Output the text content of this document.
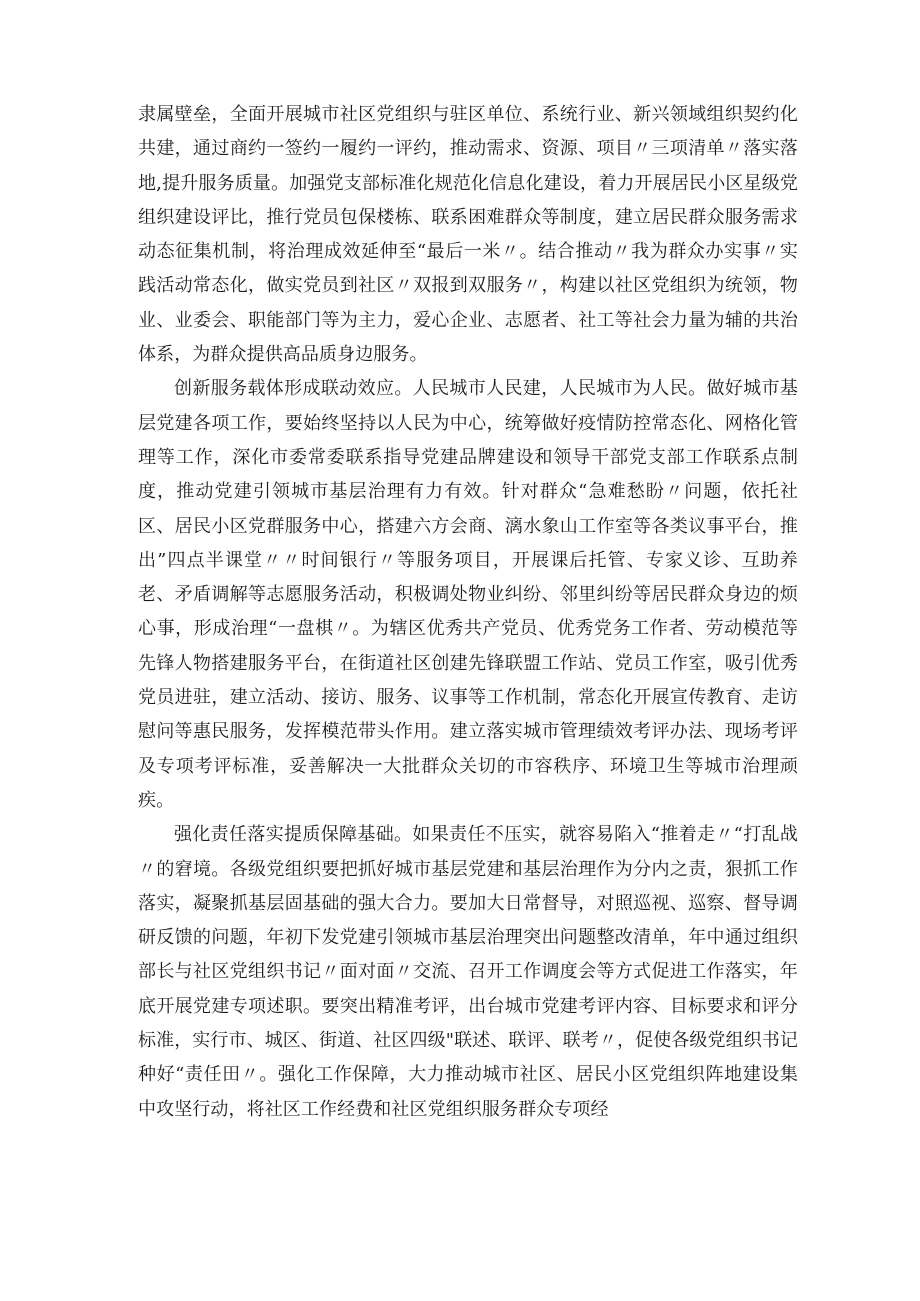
隶属壁垒，全面开展城市社区党组织与驻区单位、系统行业、新兴领域组织契约化共建，通过商约一签约一履约一评约，推动需求、资源、项目〃三项清单〃落实落地,提升服务质量。加强党支部标准化规范化信息化建设，着力开展居民小区星级党组织建设评比，推行党员包保楼栋、联系困难群众等制度，建立居民群众服务需求动态征集机制，将治理成效延伸至“最后一米〃。结合推动〃我为群众办实事〃实践活动常态化，做实党员到社区〃双报到双服务〃，构建以社区党组织为统领，物业、业委会、职能部门等为主力，爱心企业、志愿者、社工等社会力量为辅的共治体系，为群众提供高品质身边服务。

创新服务载体形成联动效应。人民城市人民建，人民城市为人民。做好城市基层党建各项工作，要始终坚持以人民为中心，统筹做好疫情防控常态化、网格化管理等工作，深化市委常委联系指导党建品牌建设和领导干部党支部工作联系点制度，推动党建引领城市基层治理有力有效。针对群众“急难愁盼〃问题，依托社区、居民小区党群服务中心，搭建六方会商、漓水象山工作室等各类议事平台，推出”四点半课堂〃〃时间银行〃等服务项目，开展课后托管、专家义诊、互助养老、矛盾调解等志愿服务活动，积极调处物业纠纷、邻里纠纷等居民群众身边的烦心事，形成治理“一盘棋〃。为辖区优秀共产党员、优秀党务工作者、劳动模范等先锋人物搭建服务平台，在街道社区创建先锋联盟工作站、党员工作室，吸引优秀党员进驻，建立活动、接访、服务、议事等工作机制，常态化开展宣传教育、走访慰问等惠民服务，发挥模范带头作用。建立落实城市管理绩效考评办法、现场考评及专项考评标准，妥善解决一大批群众关切的市容秩序、环境卫生等城市治理顽疾。

强化责任落实提质保障基础。如果责任不压实，就容易陷入“推着走〃“打乱战〃的窘境。各级党组织要把抓好城市基层党建和基层治理作为分内之责，狠抓工作落实，凝聚抓基层固基础的强大合力。要加大日常督导，对照巡视、巡察、督导调研反馈的问题，年初下发党建引领城市基层治理突出问题整改清单，年中通过组织部长与社区党组织书记〃面对面〃交流、召开工作调度会等方式促进工作落实，年底开展党建专项述职。要突出精准考评，出台城市党建考评内容、目标要求和评分标准，实行市、城区、街道、社区四级"联述、联评、联考〃，促使各级党组织书记种好“责任田〃。强化工作保障，大力推动城市社区、居民小区党组织阵地建设集中攻坚行动，将社区工作经费和社区党组织服务群众专项经
